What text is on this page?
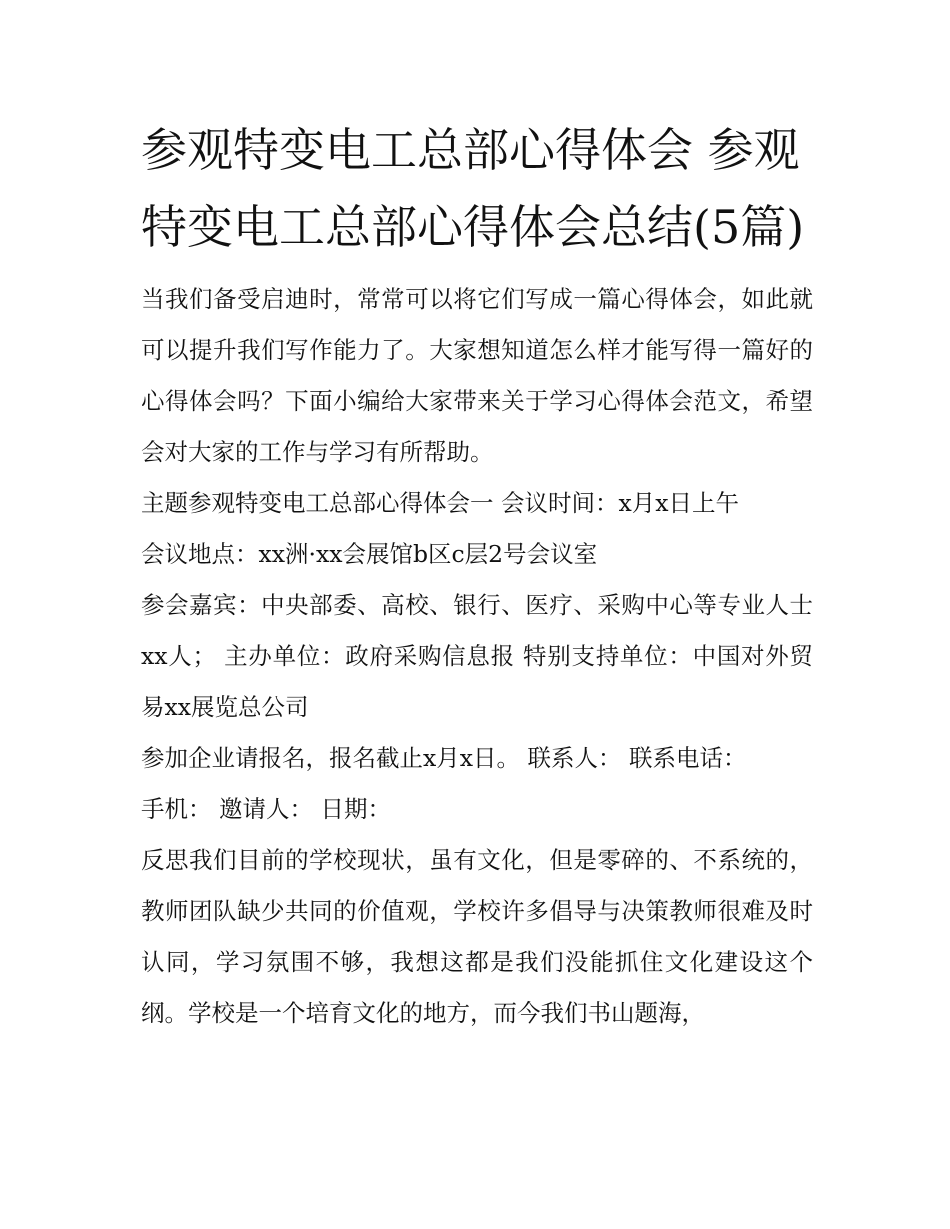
参观特变电工总部心得体会 参观特变电工总部心得体会总结(5篇)

当我们备受启迪时，常常可以将它们写成一篇心得体会，如此就可以提升我们写作能力了。大家想知道怎么样才能写得一篇好的心得体会吗？下面小编给大家带来关于学习心得体会范文，希望会对大家的工作与学习有所帮助。

主题参观特变电工总部心得体会一 会议时间：x月x日上午

会议地点：xx洲·xx会展馆b区c层2号会议室

参会嘉宾：中央部委、高校、银行、医疗、采购中心等专业人士xx人； 主办单位：政府采购信息报 特别支持单位：中国对外贸易xx展览总公司

参加企业请报名，报名截止x月x日。 联系人： 联系电话：

手机： 邀请人： 日期：

反思我们目前的学校现状，虽有文化，但是零碎的、不系统的，教师团队缺少共同的价值观，学校许多倡导与决策教师很难及时认同，学习氛围不够，我想这都是我们没能抓住文化建设这个纲。学校是一个培育文化的地方，而今我们书山题海，
